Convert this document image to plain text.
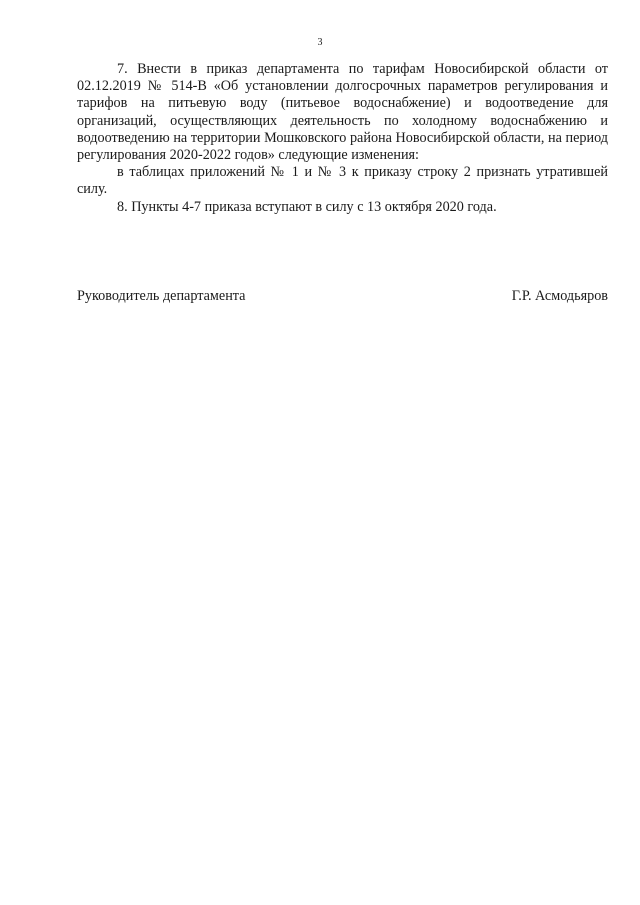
3

7. Внести в приказ департамента по тарифам Новосибирской области от 02.12.2019 № 514-В «Об установлении долгосрочных параметров регулирования и тарифов на питьевую воду (питьевое водоснабжение) и водоотведение для организаций, осуществляющих деятельность по холодному водоснабжению и водоотведению на территории Мошковского района Новосибирской области, на период регулирования 2020-2022 годов» следующие изменения:

в таблицах приложений № 1 и № 3 к приказу строку 2 признать утратившей силу.

8. Пункты 4-7 приказа вступают в силу с 13 октября 2020 года.

Руководитель департамента	Г.Р. Асмодьяров
